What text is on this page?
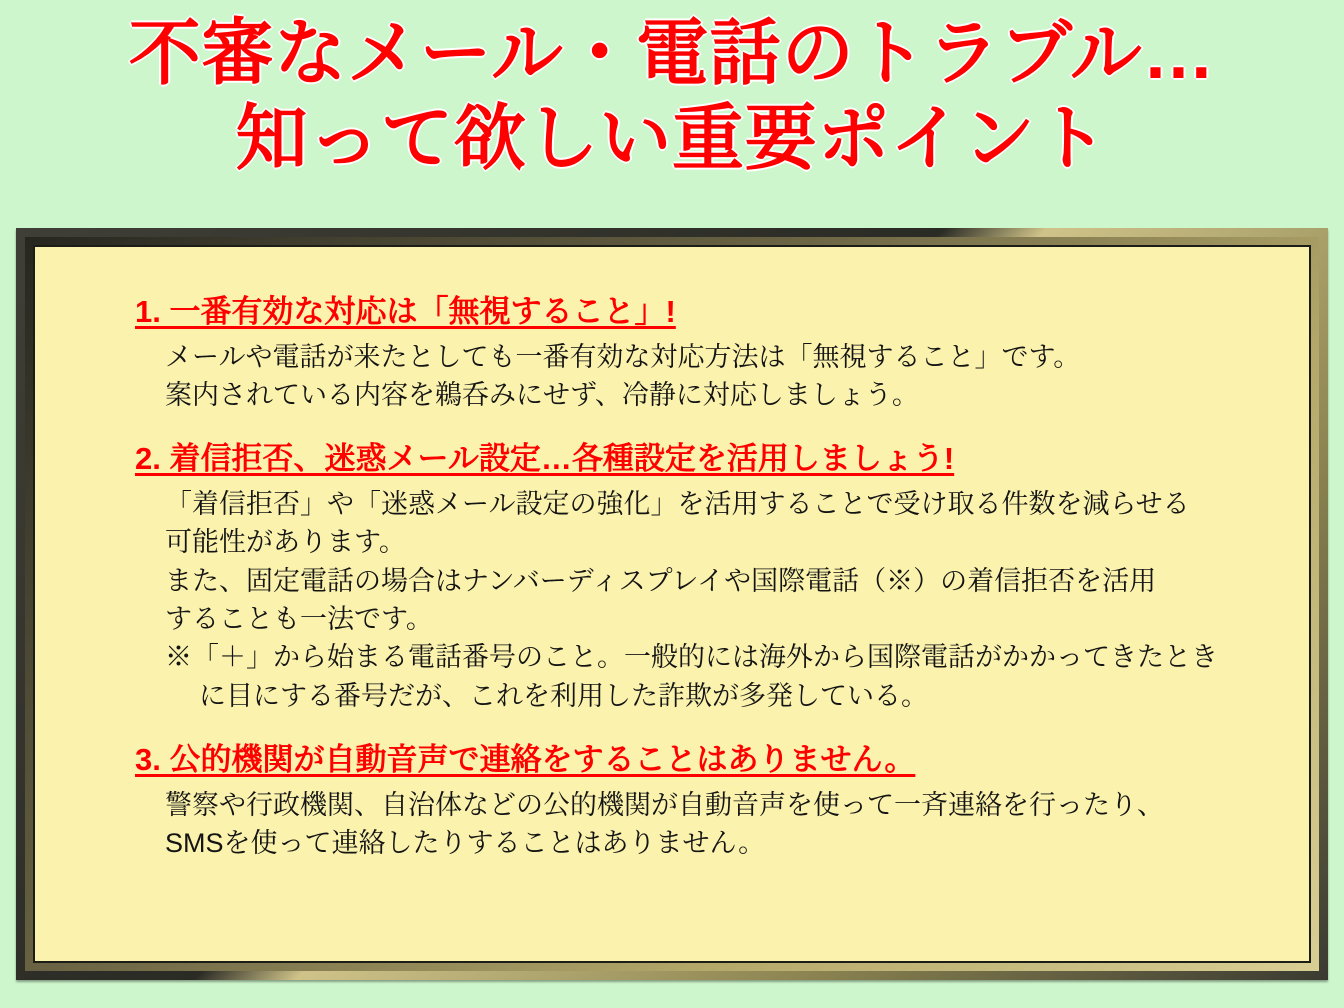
不審なメール・電話のトラブル…
知って欲しい重要ポイント
1. 一番有効な対応は「無視すること」!
メールや電話が来たとしても一番有効な対応方法は「無視すること」です。
案内されている内容を鵜呑みにせず、冷静に対応しましょう。
2. 着信拒否、迷惑メール設定…各種設定を活用しましょう!
「着信拒否」や「迷惑メール設定の強化」を活用することで受け取る件数を減らせる
可能性があります。
また、固定電話の場合はナンバーディスプレイや国際電話（※）の着信拒否を活用
することも一法です。
※「＋」から始まる電話番号のこと。一般的には海外から国際電話がかかってきたとき
に目にする番号だが、これを利用した詐欺が多発している。
3. 公的機関が自動音声で連絡をすることはありません。
警察や行政機関、自治体などの公的機関が自動音声を使って一斉連絡を行ったり、
SMSを使って連絡したりすることはありません。
